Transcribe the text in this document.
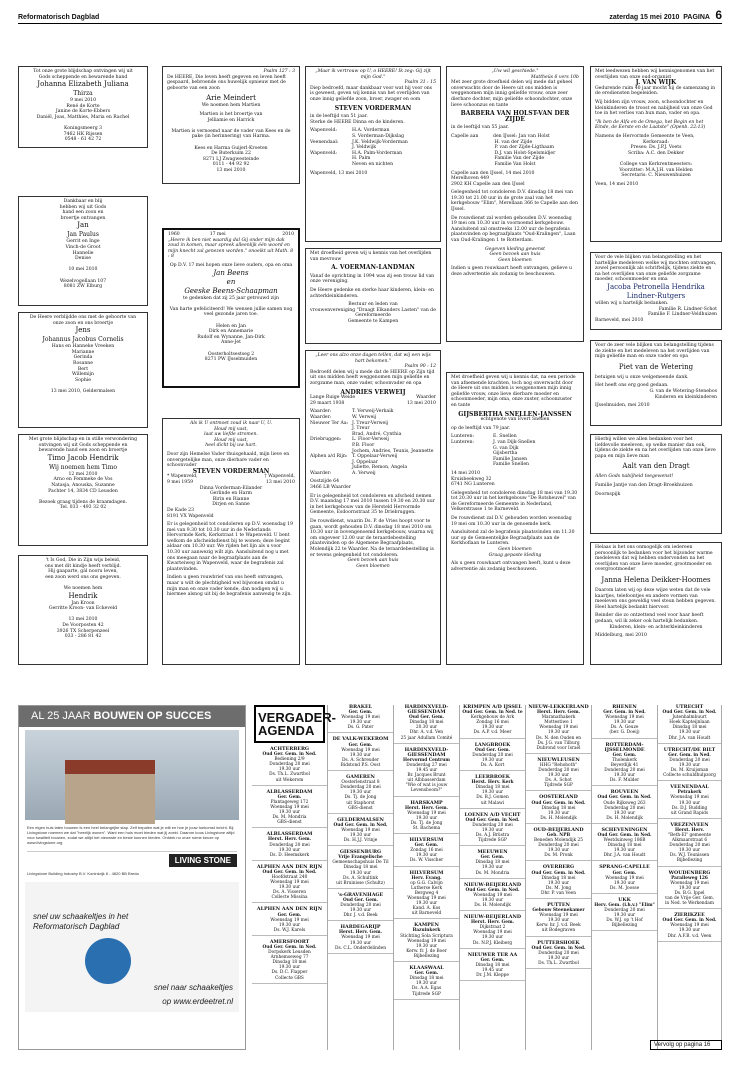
Reformatorisch Dagblad	zaterdag 15 mei 2010 PAGINA 6

Tot onze grote blijdschap ontvingen wij uit

Gods scheppende en bewarende hand

Johanna Elizabeth Juliana

Thirza

9 mei 2010

René de Korte

Janine de Korte-Ebbers

Daniël, Joas, Matthies, Maria en Rachel

Koningsmeerg 3

7462 HK Rijssen

0548 - 61 42 72

Dankbaar en blij

hebben wij uit Gods

hand een zoon en

broertje ontvangen

Jan

Jan Paulus

Gerrit en Inge

Vinch-de Groot

Hannelie

Denise

10 mei 2010

Wezelvogellaan 107

8081 ZW Elburg

De Heere verblijdde ons met de geboorte van

onze zoon en ons broertje

Jens

Johannus Jacobus Cornelis

Hans en Hanneke Vreeken

Marianne

Gerinda

Rosanne

Bert

Willemijn

Sophie

13 mei 2010, Geldermalsen

Met grote blijdschap en in stille verwondering

ontvingen wij uit Gods scheppende en

bewarende hand een zoon en broertje

Timo Jacob Hendrik

Wij noemen hem Timo

12 mei 2010

Arno en Femmeke de Vos

Natasja, Anouska, Suzanne

Pachter 14, 3834 CD Leusden

Bezoek graag tijdens de kraamdagen.

Tel. 033 - 493 32 02

't Is God, Die in Zijn wijs beleid,

ons met dit kindje heeft verblijd.

Hij gaaparte, gál nooru leven,

een zoon werd ons ons gegeven.

We noemen hem

Hendrik

Jan Kroon

Gerritte Kroon- van Eckeveld

13 mei 2010

De Voorposten 42

3926 TX Scherpenzeel

033 - 286 81 42

Psalm 127 : 3

De HEERE, Die leven heeft gegeven en leven heeft gespaard, bebroende ons huwelijk opnieuw met de geboorte van een zoon

Arie Meindert

We noemen hem Martien

Martien is het broertje van

Jelliamie en Harrick

Martien is vernoemd naar de vader van Kees en de pake (in herinnering) van Harma.

Kees en Harma Guijerl-Kroeten

De Buterkuim 22

8271 LJ Zwagwesteinde

0111 - 44 92 92

13 mei 2010

1960	17 mei	2010

„Heere ik ben niet waardig dal Gij onder mijn dak zoud in komen, maar spreek alleenlijk één woord en mijn knecht zal genezen worden." onoeikt uit Math. 8 : 8

Op D.V. 17 mei hopen onze lieve ouders, opa en oma

Jan Beens

en

Geeske Beens-Schaapman

te gedenken dat zij 25 jaar getrouwd zijn

Van harte gefeliciteerd! We wensen jullie samen nog veel gezonde jaren toe.

Helen en Jan

Dirk en Annemarie

Rudolf en Wynanne, Jan-Dirk

Anne-Jet

Oosterholtsestseg 2

8271 PW IJsselmuiden

Als ik U ontmoet zoud ik naar U, U.

Houd mij vast,

laat uw liefde stromen.

Houd mij vast,

heel dicht bij uw hart.

Door zijn Hemelse Vader thuisgehaald, mijn lieve en onvergetelijke man, onze dierbare vader en schoonvader

STEVEN VORDERMAN

* Wapenveld,	† Wapenveld,

9 mei 1959	13 mei 2010

Dinna Vorderman-Eilander

Gerlinde en Harm

Birin en Rianne

Dirjen en Sanne

De Kade 23

8191 VX Wapenveld

Er is gelegenheid tot condoleren op D.V. woensdag 19 mei van 9.30 tot 10.30 uur in de Nederlands Hervormde Kerk, Kerkstraat 1 te Wapenveld. U bent welkom de afscheidsdienst bij te wonen; deze begint aldaar om 10.30 uur. We rijden het lijn als u voor 10.30 uur aanwezig wilt zijn. Aansluitend nog u met ons meegaan naar de begraafplaats aan de Kwarteiweg in Wapenveld, waar de begrafenis zal plaatsvinden.

Indien u geen rouwbrief van ons heeft ontvangen, maar u wilt de plechtigheid wel bijwonen omdat u mijn man en onze vader kende, dan nodigen wij u hiermee alsnog uit bij de begrafenis aanwezig te zijn.

„Maar ik vertrouw op U, o HEERE! Ik zeg: Gij zijt mijn God."

Psalm 31 : 15

Diep bedroefd, maar dankbaar voor wat hij voor ons is geweest, geven wij kennis van het overlijden van onze innig geliefde zoon, broer, zwager en oom

STEVEN VORDERMAN

in de leeftijd van 51 jaar.

Sterke de HEERE Dinna en de kinderen.

Wapenveld:	H.A. Vorderman

S. Vorderman-Dijkslag

Veenendaal:	J.K. Veldwijk-Vorderman

J. Veldwijk

Wapenveld:	H.A. Palm-Vorderman

H. Palm

Neven en nichten

Wapenveld, 13 mei 2010

Met droefheid geven wij u kennis van het overlijden van mevrouw

A. VOERMAN-LANDMAN

Vanaf de oprichting in 1994 was zij een trouw lid van onze vereniging.

De Heere gedenke en sterke haar kinderen, klein- en achterkleinkinderen.

Bestuur en leden van

vrouwenvereniging "Draagt Elkanders Lasten" van de Gereformeerde

Gemeente te Kampen

„Leer ons alzo onze dagen tellen, dat wij een wijs hart bekomen."

Psalm 90 : 12

Bedroefd delen wij u mede dat de HEERE op Zijn tijd uit ons midden heeft weggenomen mijn geliefde en zorgzame man, onze vader, schoonvader en opa

ANDRIES VERWEIJ

Lange Ruige Weide	Waarder

29 maart 1938	13 mei 2010

Waarder:	T. Verweij-Verkaik

Waarder:	W. Verweij

Nieuwer Ter Aa: J. Treur-Verweij

J. Treur

Brad, André, Cynthia

Driebruggen: L. Floor-Verweij

P.B. Floor

Jochem, Andries, Teunis, Jeannette

Alphen a/d Rijn: T. Oppelaar-Verweij

J. Oppelaar

Juliette, Remon, Angela

Waarder:	A. Verweij

Oostzijde 64

3466 LB Waarder

Er is gelegenheid tot condoleren en afscheid nemen D.V. maandag 17 mei 2010 tussen 19.30 en 20.30 uur in het kerkgebouw van de Hersteld Hervormde Gemeente, Esdoornstraat 35 te Driebruggen.

De rouwdienst, waarin Ds. P. de Vries hoopt voor te gaan, wordt gehouden D.V. dinsdag 18 mei 2010 om 10.30 uur in bovengenoemd kerkgebouw, waarna wij om ongeveer 12.00 uur de teraardebestelling plaatsvinden op de Algemene Begraafplaats, Molendijk 22 te Waarder. Na de teraardebestelling is er tevens gelegenheid tot condoleren.

Geen bezoek aan huis

Geen bloemen

„Uw wil geschiede."

Mattheüs 6 vers 10b

Met zeer grote droefheid delen wij mede dat geheel onverwachts door de Heere uit ons midden is weggenomen mijn innig geliefde vrouw, onze zeer dierbare dochter, mijn geliefde schoondochter, onze lieve schoonzus en tante

BARBERA VAN HOLST-VAN DER ZIJDE

in de leeftijd van 55 jaar.

Capelle aan	den IJssel: Jan van Holst

H. van der Zijde

P. van der Zijde-Ligthaam

D.J. van Holst-Spelsmidjer

Familie Van der Zijde

Familie Van Holst

Capelle aan den IJssel, 14 mei 2010

Merelhoven 449

2902 KH Capelle aan den IJssel

Gelegenheid tot condoleren D.V. dinsdag 18 mei van 19.30 tot 21.00 uur in de grote zaal van het kerkgebouw "Elim", Merellaan 366 te Capelle aan den IJssel.

De rouwdienst zal worden gehouden D.V. woensdag 19 mei om 10.30 uur in voornoemd kerkgebouw. Aansluitend zal omstreeks 12.00 uur de begrafenis plaatsvinden op begraafplaats "Oud-Kralingen", Laan van Oud-Kralingen 1 te Rotterdam.

Gegeven kleding gewenst

Geen bezoek aan huis

Geen bloemen

Indien u geen rouwkaart heeft ontvangen, gelieve u deze advertentie als zodanig te beschouwen.

Met droefheid geven wij u kennis dat, na een periode van afnemende krachten, toch nog onverwacht door de Heere uit ons midden is weggenomen mijn innig geliefde vrouw, onze lieve dierbare moeder en schoonmoeder, mijn oma, onze zuster, schoonzuster en tante

GIJSBERTHA SNELLEN-JANSSEN

echtgenote van Evert Snellen

op de leeftijd van 79 jaar.

Lunteren:	E. Snellen

Lunteren:	J. van Dijk-Snellen

G. van Dijk

Gijsbertha

Familie Jansen

Familie Snellen

14 mei 2010

Kruisbeekweg 32

6741 NG Lunteren

Gelegenheid tot condoleren dinsdag 18 mei van 19.30 tot 20.30 uur in het kerkgebouw "De Rotsheuvel" van de Gereformeerde Gemeente in Nederland, Velkerstrasse 1 te Barneveld.

De rouwdienst zal D.V. gehouden worden woensdag 19 mei om 10.30 uur in de genoemde kerk.

Aansluitend zal de begrafenis plaatsvinden om 11.30 uur op de Gemeentelijke Begraafplaats aan de Kerkhoflaan te Lunteren.

Geen bloemen

Graag gepaste kleding

Als u geen rouwkaart ontvangen heeft, kunt u deze advertentie als zodanig beschouwen.

Met leedwezen hebben wij kennisgenomen van het overlijden van onze oud-organist

J. VAN WIJK

Gedurende ruim 40 jaar mocht hij de samenzang in de erediensten begeleiden.

Wij bidden zijn vrouw, zoon, schoondochter en kleinkinderen de troost en nabijheid van onze God toe in het verlies van hun man, vader en opa.

"Ik ben de Alfa en de Omega, het Begin en het Einde, de Eerste en de Laatste" (Openb. 22:13)

Namens de Hervormde Gemeente te Veen,

Kerkeraad:

Preses: Ds. J.P.J. Voets

Scriba: A.C. den Dekker

College van Kerkrentmeesters:

Voorzitter: M.A.J.H. van Helden

Secretaris: C. Nieuwenhuizen

Veen, 14 mei 2010

Voor de vele blijken van belangstelling en het hartelijke medeleven welke wij mochten ontvangen, zowel persoonlijk als schriftelijk, tijdens ziekte en na het overlijden van onze geliefde zorgzame moeder, schoonmoeder en oma

Jacoba Petronella Hendrika Lindner-Rutgers

willen wij u hartelijk bedanken.

Familie R. Lindner-Schot

Familie F. Lindner-Veldhuizen

Barneveld, mei 2010

Voor de zeer vele blijken van belangstelling tijdens de ziekte en het medeleven na het overlijden van mijn geliefde man en onze vader en opa

Piet van de Wetering

betuigen wij u onze welgemeende dank.

Het heeft ons erg goed gedaan.

G. van de Wetering-Stenebos

Kinderen en kleinkinderen

IJsselmuiden, mei 2010

Hierbij willen we allen bedanken voor het liefdevolle meeleven, op welke manier dan ook, tijdens de ziekte en na het overlijden van onze lieve papa en mijn lieve man

Aalt van den Dragt

Allen Gods nabijheid toegewenst!

Familie Jantje van den Dragt-Broekhuizen

Doornspijk

Helaas is het ons onmogelijk om iedereen persoonlijk te bedanken voor het bijzonder warme medeleven dat wij hebben ondervonden na het overlijden van onze lieve moeder, grootmoeder en overgrootmoeder

Janna Helena Deikker-Hoomes

Daarom laten wij op deze wijze weten dat de vele kaartjes, telefoontjes en andere vormen van meeleven ons geweldig veel steun hebben gegeven. Heel hartelijk bedankt hiervoor.

Reinder die zo ontzettend veel voor haar heeft gedaan, wil ik zeker ook hartelijk bedanken.

Kinderen, klein- en achterkleinkinderen

Middelburg, mei 2010

AL 25 JAAR BOUWEN OP SUCCES

Een eigen huis laten bouwen is een heel belangrijke stap. Zelf bepalen wat je wilt en hoe je jouw toekomst inricht. Bij Livingstone noemen we dat "heerlijk wonen". Want een huis moet bieden wat jij zoekt. Daarom koos Livingstone altijd voor kwaliteit bouwen, zodat we altijd het nieuwste en beste kunnen bieden. Ontdek nu onze ruime keuze op www.livingstone.org

LIVING STONE

Livingstone Building Industry B.V. Koninkrijk 8 - 4820 BB Breda

snel uw schaakeltjes in het
Reformatorisch Dagblad
snel naar schaakeltjes
op www.erdeetret.nl
VERGADER-AGENDA
ACHTERBERG
Oud Ger. Gem. in Ned.
Bediening 2/9
Donderdag 20 mei
19.30 uur
Ds. Th.L. Zwartbol
uit Wekerom
ALBLASSERDAM
Ger. Gem.
Plantageweg 172
Woensdag 19 mei
19.30 uur
Ds. M. Mondria
GBS-dienst
ALBLASSERDAM
Herst. Herv. Gem.
Donderdag 20 mei
19.30 uur
Ds. D. Heemskerk
ALPHEN AAN DEN RIJN
Oud Ger. Gem. in Ned.
Hoofdstraat 240
Woensdag 19 mei
19.30 uur
Ds. A. Visseren
Collecte Missina
ALPHEN AAN DEN RIJN
Ger. Gem.
Woensdag 19 mei
19.30 uur
Ds. W.J. Karels
AMERSFOORT
Oud Ger. Gem. in Ned.
Dorpskerk Leusden
Arnhemseweg 77
Dinsdag 18 mei
19.30 uur
Ds. D.C. Flapper
Collecte GBS
BRAKEL
Ger. Gem.
Woensdag 19 mei
19.30 uur
Ds. G. Pater
DE VALK-WEKEROM
Ger. Gem.
Woensdag 19 mei
19.30 uur
Ds. A. Schreuder
Bidstond P.S. Oost
GAMEREN
Oosterlenstraat 8
Donderdag 20 mei
19.30 uur
Ds. Tj. de Jong
uit Staphorst
GBS-dienst
GELDERMALSEN
Oud Ger. Gem. in Ned.
Woensdag 19 mei
19.30 uur
Ds. H.J.J. Vrinje
GIESSENBURG
Vrije Evangelische
Gemeenschapshuis De Til
Dinsdag 18 mei
19.30 uur
Ds. A. Schultink
uit Bruinisse (Schultz)
's-GRAVENHAGE
Oud Ger. Gem.
Donderdag 20 mei
19.30 uur
Dhr. J. v.d. Beek
HARDEGARIJP
Herst. Herv. Gem.
Woensdag 19 mei
19.30 uur
Ds. C.L. Onderdelinden
HARDINXVELD-GIESSENDAM
Oud Ger. Gem.
Dinsdag 18 mei
20.30 uur
Dhr. A. v.d. Ven
25 jaar Adullam Comité
HARDINXVELD-GIESSENDAM
Hervormd Centrum
Donderdag 27 mei
19.45 uur
Br. Jacques Brunt
uit Albbasserdam
"Wie of wat is jouw
Levensboom?"
HARSKAMP
Herst. Herv. Gem.
Woensdag 19 mei
19.30 uur
Ds. Tj. de Jong
St. Bachema
HILVERSUM
Ger. Gem.
Zondag 16 mei
19.30 uur
Ds. W. Visscher
HILVERSUM
Herv. Evang.
op G.G. Calvijn
Lutherse Kerk
Bergweg 4
Woensdag 19 mei
19.30 uur
Kand. A. Kos
uit Barneveld
KAMPEN
Bazuinkerk
Stichting Sola Scriptura
Woensdag 19 mei
19.30 uur
Kerw. fr. J. de Boer
Bijbellezing
KLAASWAAL
Ger. Gem.
Dinsdag 18 mei
19.30 uur
Ds. A.A. Egas
Tijdrede SGP
KRIMPEN A/D IJSSEL
Oud Ger. Gem. in Ned. te
Kerkgebouw de Ark
Zondag 16 mei
19.30 uur
Ds. A.P. v.d. Meer
LANGBROEK
Oud Ger. Gem.
Donderdag 20 mei
19.30 uur
Ds. A. Kort
LEERBROEK
Herst. Herv. Kerk
Dinsdag 18 mei
19.30 uur
Ds. B.J. Gomen
uit Malawi
LOENEN A/D VECHT
Oud Ger. Gem. in Ned.
Donderdag 20 mei
19.30 uur
Ds. A.J. Brüstra
Tijdrede SGP
MEEUWEN
Ger. Gem.
Dinsdag 18 mei
19.30 uur
Ds. M. Mondria
NIEUW-BEIJERLAND
Oud Ger. Gem. in Ned.
Woensdag 19 mei
19.30 uur
Ds. H. Molendijk
NIEUW-BEIJERLAND
Herst. Herv. Gem.
Dijkstraat 2
Woensdag 19 mei
19.30 uur
Ds. N.P.J. Kleiberg
NIEUWER TER AA
Ger. Gem.
Dinsdag 18 mei
19.45 uur
Dr. J.M. Kleppe
NIEUW-LEKKERLAND
Herst. Herv. Gem.
Maranathakerk
Mottestiwe 1
Woensdag 19 mei
19.30 uur
Ds. N. den Ouden en
Ds. J.G. van Tilburg
Dubrond voor Israël
NIEUWLEUSEN
HHG "Rehoboth"
Donderdag 20 mei
19.30 uur
Ds. A. Schot
Tijdrede SGP
OOSTERLAND
Oud Ger. Gem. in Ned.
Dinsdag 18 mei
19.30 uur
Ds. H. Molendijk
OUD-BEIJERLAND
Geb. NPB
Beneden Molendijk 25
Donderdag 20 mei
19.30 uur
Ds. M. Pronk
OVERBERG
Oud Ger. Gem. in Ned.
Dinsdag 18 mei
19.30 uur
Ds. M. Jong
Dhr. P. van Veen
PUTTEN
Gebouw Steenekamer
Woensdag 19 mei
19.30 uur
Kerw. hr. J. v.d. Beek
uit Bodegraven
PUTTERSHOEK
Oud Ger. Gem. in Ned.
Donderdag 20 mei
19.30 uur
Ds. Th.L. Zwartbol
RHENEN
Ger. Gem. in Ned.
Woensdag 19 mei
19.30 uur
Ds. A. Geuze
(ber. G. Doeij)
ROTTERDAM-IJSSELMONDE
Ger. Gem.
Tholenkerk
Beyerdijk 41
Donderdag 20 mei
19.30 uur
Ds. F. Mulder
ROUVEEN
Oud Ger. Gem. in Ned.
Oude Rijksweg 263
Donderdag 20 mei
19.30 uur
Ds. H. Molendijk
SCHEVENINGEN
Oud Ger. Gem. in Ned.
Westduinweg 186B
Dinsdag 18 mei
19.30 uur
Dhr. J.A. van Houdt
SPRANG-CAPELLE
Ger. Gem.
Woensdag 19 mei
19.30 uur
Ds. M. Joosse
UKK
Herv. Gem. (i.h.v.) "Elim"
Donderdag 20 mei
19.30 uur
Ds. W.J. op 't Hof
Bijbellezing
UTRECHT
Oud Ger. Gem. in Ned.
Jutenhalmbuurt
Hoek Kapteijnlaan
Dinsdag 18 mei
19.30 uur
Dhr. J.A. van Houdt
UTRECHT/DE BILT
Ger. Gem. in Ned.
Donderdag 20 mei
19.30 uur
Ds. M. Kruijsman
Collecte schuldhulpzorg
VEENENDAAL
Petrakerk
Woensdag 19 mei
19.30 uur
Ds. D.J. Budding
uit Grand Rapids
VREZENVEEN
Herst. Herv.
"Beth-El" gemeente
Alkmaarstraat 6
Donderdag 20 mei
19.30 uur
Ds. W.J. Teunissen
Bijbellezing
WOUDENBERG
Paralleweg 126
Woensdag 19 mei
19.30 uur
Ds. B.G. Ippel
van de Vrije Ger. Gem.
in Ned. te Werkendam
ZIERIKZEE
Oud Ger. Gem. in Ned.
Woensdag 19 mei
19.30 uur
Dhr. A.F.B. v.d. Veen
Vervolg op pagina 16
